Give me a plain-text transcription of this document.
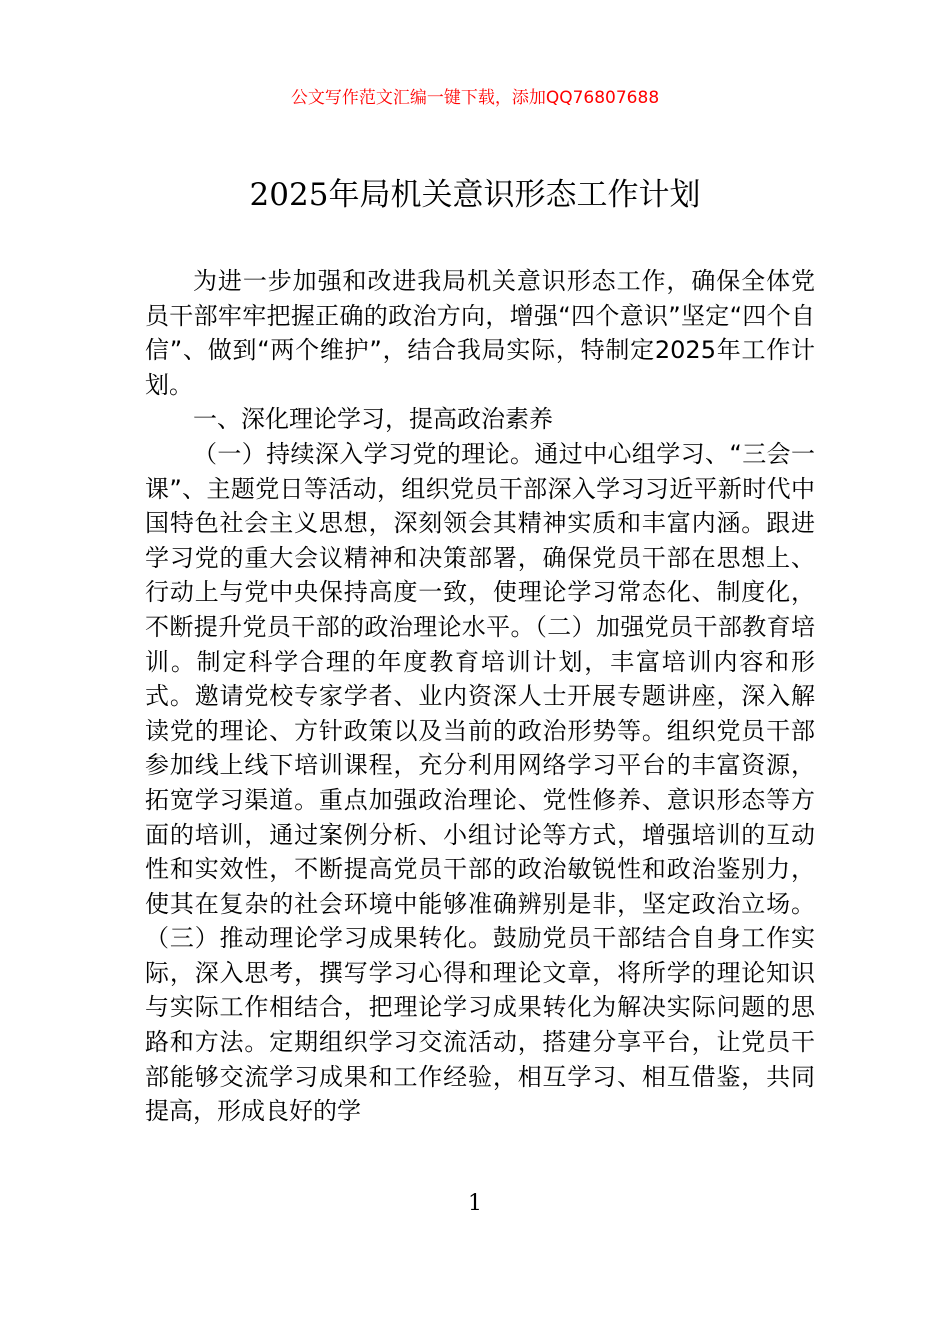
公文写作范文汇编一键下载，添加QQ76807688
2025年局机关意识形态工作计划

为进一步加强和改进我局机关意识形态工作，确保全体党员干部牢牢把握正确的政治方向，增强“四个意识”坚定“四个自信”、做到“两个维护”，结合我局实际，特制定2025年工作计划。

一、深化理论学习，提高政治素养

（一）持续深入学习党的理论。通过中心组学习、“三会一课”、主题党日等活动，组织党员干部深入学习习近平新时代中国特色社会主义思想，深刻领会其精神实质和丰富内涵。跟进学习党的重大会议精神和决策部署，确保党员干部在思想上、行动上与党中央保持高度一致，使理论学习常态化、制度化，不断提升党员干部的政治理论水平。（二）加强党员干部教育培训。制定科学合理的年度教育培训计划，丰富培训内容和形式。邀请党校专家学者、业内资深人士开展专题讲座，深入解读党的理论、方针政策以及当前的政治形势等。组织党员干部参加线上线下培训课程，充分利用网络学习平台的丰富资源，拓宽学习渠道。重点加强政治理论、党性修养、意识形态等方面的培训，通过案例分析、小组讨论等方式，增强培训的互动性和实效性，不断提高党员干部的政治敏锐性和政治鉴别力，使其在复杂的社会环境中能够准确辨别是非，坚定政治立场。（三）推动理论学习成果转化。鼓励党员干部结合自身工作实际，深入思考，撰写学习心得和理论文章，将所学的理论知识与实际工作相结合，把理论学习成果转化为解决实际问题的思路和方法。定期组织学习交流活动，搭建分享平台，让党员干部能够交流学习成果和工作经验，相互学习、相互借鉴，共同提高，形成良好的学

1
